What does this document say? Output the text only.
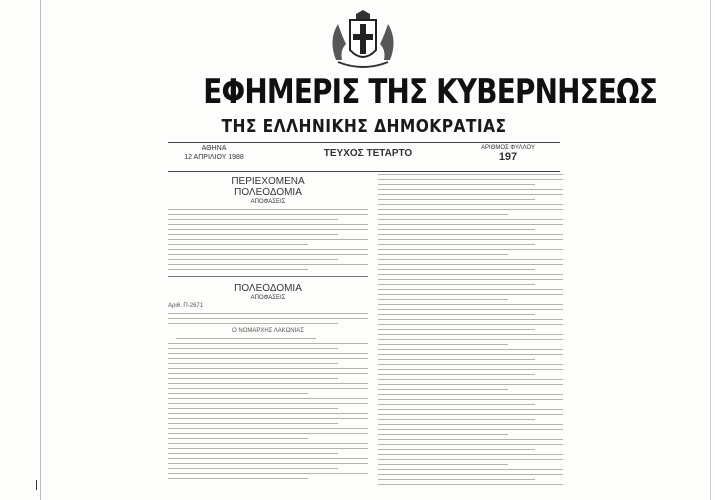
ΕΦΗΜΕΡΙΣ ΤΗΣ ΚΥΒΕΡΝΗΣΕΩΣ
ΤΗΣ ΕΛΛΗΝΙΚΗΣ ΔΗΜΟΚΡΑΤΙΑΣ
ΑΘΗΝΑ
12 ΑΠΡΙΛΙΟΥ 1988	ΤΕΥΧΟΣ ΤΕΤΑΡΤΟ	ΑΡΙΘΜΟΣ ΦΥΛΛΟΥ
197
ΠΕΡΙΕΧΟΜΕΝΑ
ΠΟΛΕΟΔΟΜΙΑ
ΑΠΟΦΑΣΕΙΣ
ΠΟΛΕΟΔΟΜΙΑ
ΑΠΟΦΑΣΕΙΣ
Αριθ. Π-2671
Ο ΝΟΜΑΡΧΗΣ ΛΑΚΩΝΙΑΣ
